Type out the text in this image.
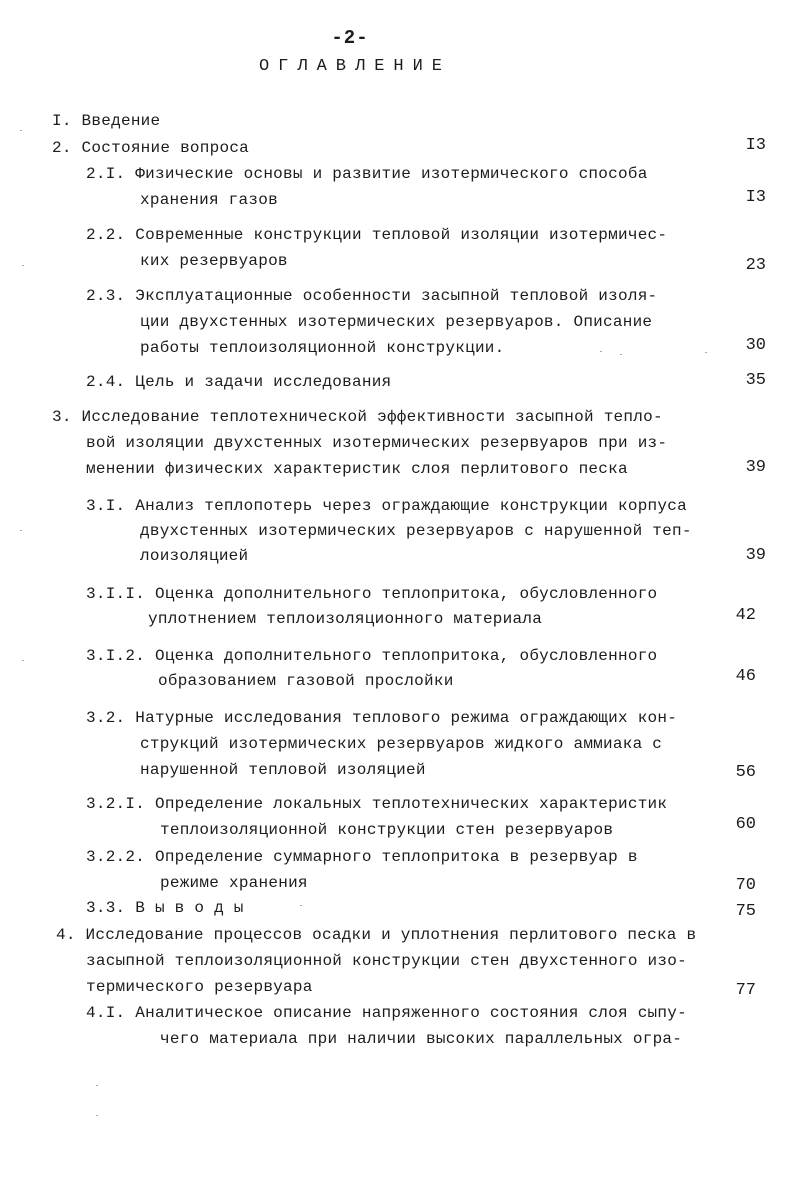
-2-
ОГЛАВЛЕНИЕ
I. Введение
2. Состояние вопроса	I3
2.I. Физические основы и развитие изотермического способа
хранения газов	I3
2.2. Современные конструкции тепловой изоляции изотермичес-
ких резервуаров	23
2.3. Эксплуатационные особенности засыпной тепловой изоля-
ции двухстенных изотермических резервуаров. Описание
работы теплоизоляционной конструкции.	30
2.4. Цель и задачи исследования	35
3. Исследование теплотехнической эффективности засыпной тепло-
вой изоляции двухстенных изотермических резервуаров при из-
менении физических характеристик слоя перлитового песка	39
3.I. Анализ теплопотерь через ограждающие конструкции корпуса
двухстенных изотермических резервуаров с нарушенной теп-
лоизоляцией	39
3.I.I. Оценка дополнительного теплопритока, обусловленного
уплотнением теплоизоляционного материала	42
3.I.2. Оценка дополнительного теплопритока, обусловленного
образованием газовой прослойки	46
3.2. Натурные исследования теплового режима ограждающих кон-
струкций изотермических резервуаров жидкого аммиака с
нарушенной тепловой изоляцией	56
3.2.I. Определение локальных теплотехнических характеристик
теплоизоляционной конструкции стен резервуаров	60
3.2.2. Определение суммарного теплопритока в резервуар в
режиме хранения	70
3.3. В ы в о д ы	75
4. Исследование процессов осадки и уплотнения перлитового песка в
засыпной теплоизоляционной конструкции стен двухстенного изо-
термического резервуара	77
4.I. Аналитическое описание напряженного состояния слоя сыпу-
чего материала при наличии высоких параллельных огра-
